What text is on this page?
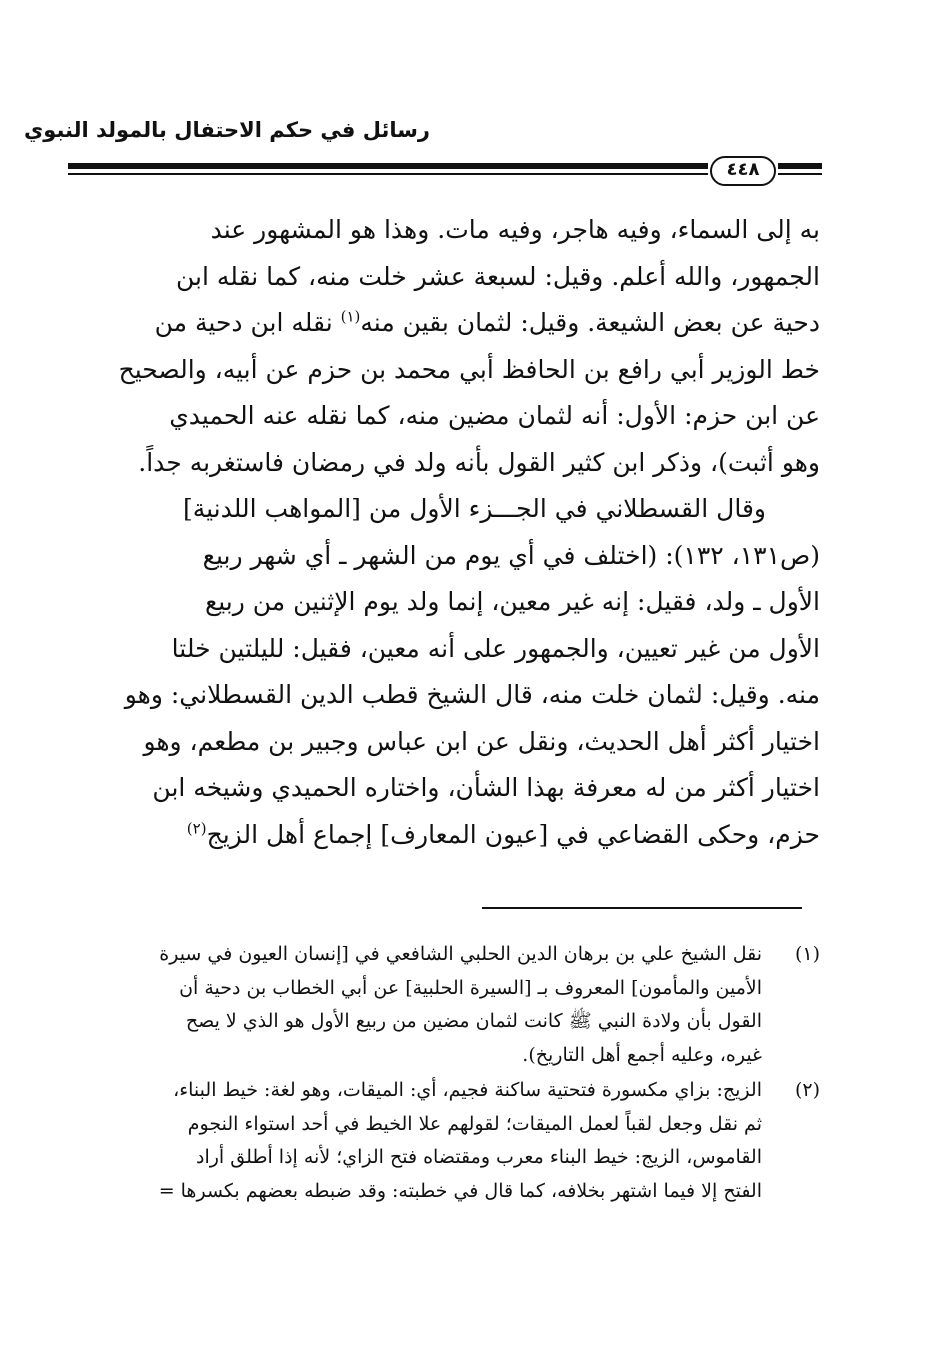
رسائل في حكم الاحتفال بالمولد النبوي
٤٤٨
به إلى السماء، وفيه هاجر، وفيه مات. وهذا هو المشهور عند
الجمهور، والله أعلم. وقيل: لسبعة عشر خلت منه، كما نقله ابن
دحية عن بعض الشيعة. وقيل: لثمان بقين منه$^{(١)}$ نقله ابن دحية من
خط الوزير أبي رافع بن الحافظ أبي محمد بن حزم عن أبيه، والصحيح
عن ابن حزم: الأول: أنه لثمان مضين منه، كما نقله عنه الحميدي
وهو أثبت)، وذكر ابن كثير القول بأنه ولد في رمضان فاستغربه جداً.
وقال القسطلاني في الجـــزء الأول من [المواهب اللدنية]
(ص١٣١، ١٣٢): (اختلف في أي يوم من الشهر ـ أي شهر ربيع
الأول ـ ولد، فقيل: إنه غير معين، إنما ولد يوم الإثنين من ربيع
الأول من غير تعيين، والجمهور على أنه معين، فقيل: لليلتين خلتا
منه. وقيل: لثمان خلت منه، قال الشيخ قطب الدين القسطلاني: وهو
اختيار أكثر أهل الحديث، ونقل عن ابن عباس وجبير بن مطعم، وهو
اختيار أكثر من له معرفة بهذا الشأن، واختاره الحميدي وشيخه ابن
حزم، وحكى القضاعي في [عيون المعارف] إجماع أهل الزيج$^{(٢)}$
(١)
نقل الشيخ علي بن برهان الدين الحلبي الشافعي في [إنسان العيون في سيرة
الأمين والمأمون] المعروف بـ [السيرة الحلبية] عن أبي الخطاب بن دحية أن
القول بأن ولادة النبي ﷺ كانت لثمان مضين من ربيع الأول هو الذي لا يصح
غيره، وعليه أجمع أهل التاريخ).
(٢)
الزيج: بزاي مكسورة فتحتية ساكنة فجيم، أي: الميقات، وهو لغة: خيط البناء،
ثم نقل وجعل لقباً لعمل الميقات؛ لقولهم علا الخيط في أحد استواء النجوم
القاموس، الزيج: خيط البناء معرب ومقتضاه فتح الزاي؛ لأنه إذا أطلق أراد
الفتح إلا فيما اشتهر بخلافه، كما قال في خطبته: وقد ضبطه بعضهم بكسرها =
